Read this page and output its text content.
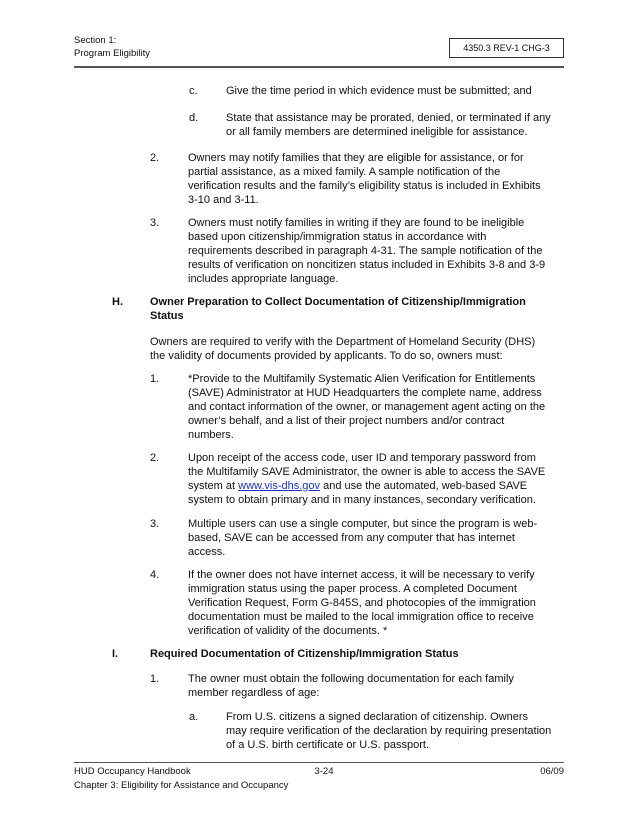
Section 1:
Program Eligibility	4350.3 REV-1 CHG-3
c.	Give the time period in which evidence must be submitted; and
d.	State that assistance may be prorated, denied, or terminated if any
or all family members are determined ineligible for assistance.
2.	Owners may notify families that they are eligible for assistance, or for
partial assistance, as a mixed family. A sample notification of the
verification results and the family’s eligibility status is included in Exhibits
3-10 and 3-11.
3.	Owners must notify families in writing if they are found to be ineligible
based upon citizenship/immigration status in accordance with
requirements described in paragraph 4-31. The sample notification of the
results of verification on noncitizen status included in Exhibits 3-8 and 3-9
includes appropriate language.
H. Owner Preparation to Collect Documentation of Citizenship/Immigration
Status
Owners are required to verify with the Department of Homeland Security (DHS)
the validity of documents provided by applicants. To do so, owners must:
1.	*Provide to the Multifamily Systematic Alien Verification for Entitlements
(SAVE) Administrator at HUD Headquarters the complete name, address
and contact information of the owner, or management agent acting on the
owner’s behalf, and a list of their project numbers and/or contract
numbers.
2.	Upon receipt of the access code, user ID and temporary password from
the Multifamily SAVE Administrator, the owner is able to access the SAVE
system at www.vis-dhs.gov and use the automated, web-based SAVE
system to obtain primary and in many instances, secondary verification.
3.	Multiple users can use a single computer, but since the program is web-
based, SAVE can be accessed from any computer that has internet
access.
4.	If the owner does not have internet access, it will be necessary to verify
immigration status using the paper process. A completed Document
Verification Request, Form G-845S, and photocopies of the immigration
documentation must be mailed to the local immigration office to receive
verification of validity of the documents. *
I.	Required Documentation of Citizenship/Immigration Status
1.	The owner must obtain the following documentation for each family
member regardless of age:
a.	From U.S. citizens a signed declaration of citizenship. Owners
may require verification of the declaration by requiring presentation
of a U.S. birth certificate or U.S. passport.
HUD Occupancy Handbook	3-24	06/09
Chapter 3: Eligibility for Assistance and Occupancy
